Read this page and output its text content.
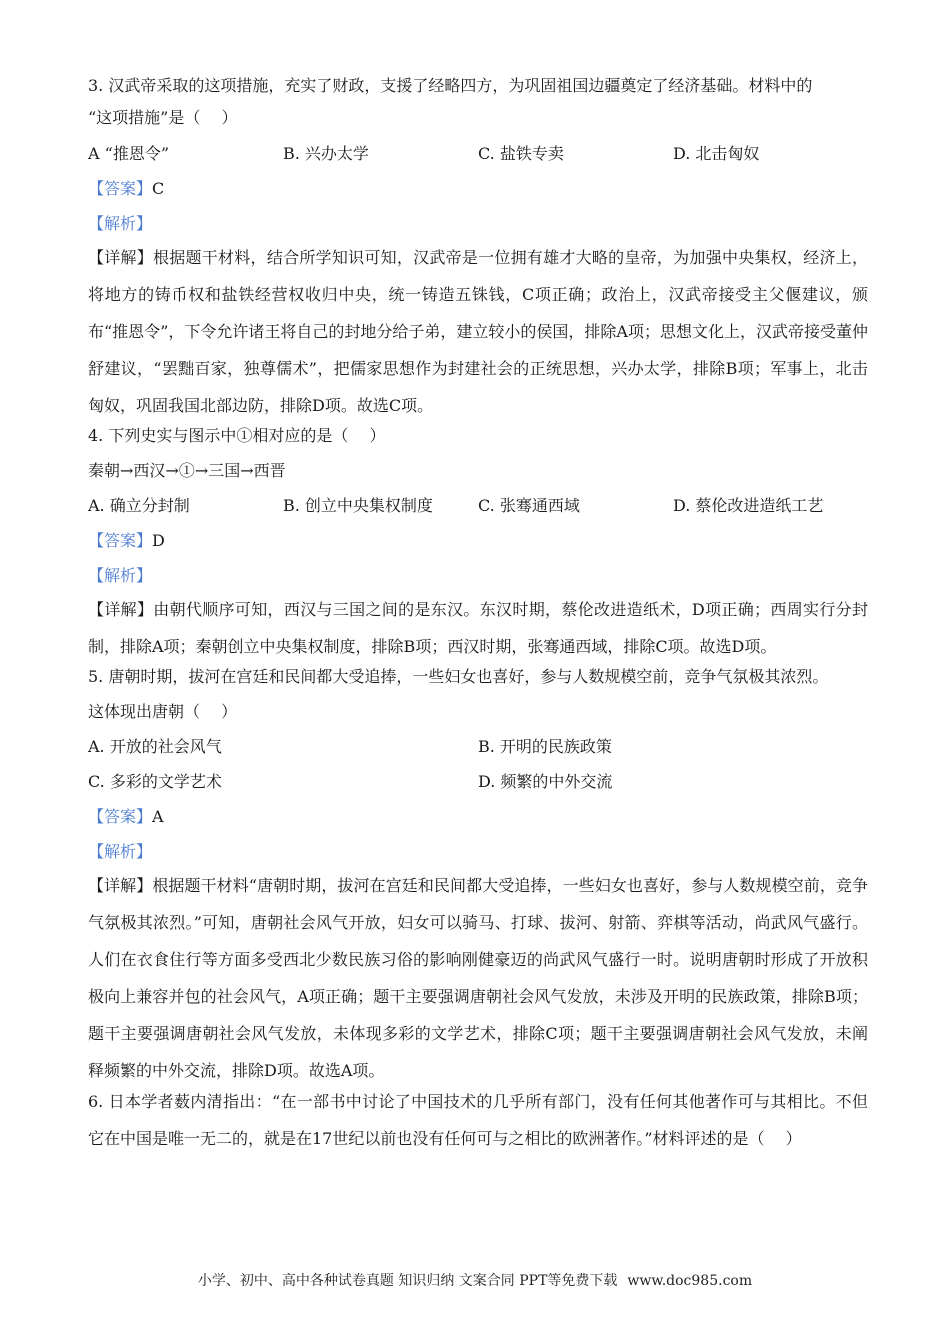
3. 汉武帝采取的这项措施，充实了财政，支援了经略四方，为巩固祖国边疆奠定了经济基础。材料中的
“这项措施”是（　 ）
A “推恩令”	B. 兴办太学	C. 盐铁专卖	D. 北击匈奴
【答案】 C
【解析】
【详解】根据题干材料，结合所学知识可知，汉武帝是一位拥有雄才大略的皇帝，为加强中央集权，经济上，将地方的铸币权和盐铁经营权收归中央，统一铸造五铢钱，C项正确；政治上，汉武帝接受主父偃建议，颁布“推恩令”，下令允许诸王将自己的封地分给子弟，建立较小的侯国，排除A项；思想文化上，汉武帝接受董仲舒建议，“罢黜百家，独尊儒术”，把儒家思想作为封建社会的正统思想，兴办太学，排除B项；军事上，北击匈奴，巩固我国北部边防，排除D项。故选C项。
4. 下列史实与图示中①相对应的是（　 ）
秦朝→西汉→①→三国→西晋
A. 确立分封制	B. 创立中央集权制度	C. 张骞通西域	D. 蔡伦改进造纸工艺
【答案】 D
【解析】
【详解】由朝代顺序可知，西汉与三国之间的是东汉。东汉时期，蔡伦改进造纸术，D项正确；西周实行分封制，排除A项；秦朝创立中央集权制度，排除B项；西汉时期，张骞通西域，排除C项。故选D项。
5. 唐朝时期，拔河在宫廷和民间都大受追捧，一些妇女也喜好，参与人数规模空前，竞争气氛极其浓烈。
这体现出唐朝（　 ）
A. 开放的社会风气	B. 开明的民族政策
C. 多彩的文学艺术	D. 频繁的中外交流
【答案】 A
【解析】
【详解】根据题干材料“唐朝时期，拔河在宫廷和民间都大受追捧，一些妇女也喜好，参与人数规模空前，竞争气氛极其浓烈。”可知，唐朝社会风气开放，妇女可以骑马、打球、拔河、射箭、弈棋等活动，尚武风气盛行。人们在衣食住行等方面多受西北少数民族习俗的影响刚健豪迈的尚武风气盛行一时。说明唐朝时形成了开放积极向上兼容并包的社会风气，A项正确；题干主要强调唐朝社会风气发放，未涉及开明的民族政策，排除B项；题干主要强调唐朝社会风气发放，未体现多彩的文学艺术，排除C项；题干主要强调唐朝社会风气发放，未阐释频繁的中外交流，排除D项。故选A项。
6. 日本学者薮内清指出：“在一部书中讨论了中国技术的几乎所有部门，没有任何其他著作可与其相比。不但它在中国是唯一无二的，就是在17世纪以前也没有任何可与之相比的欧洲著作。”材料评述的是（　 ）
小学、初中、高中各种试卷真题 知识归纳 文案合同 PPT等免费下载 www.doc985.com
